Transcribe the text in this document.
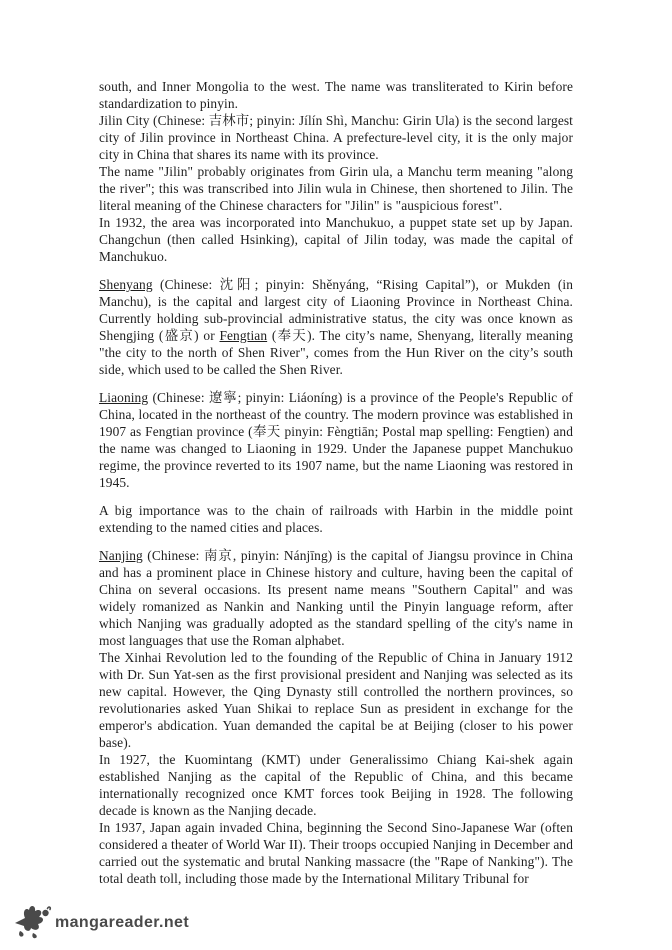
south, and Inner Mongolia to the west. The name was transliterated to Kirin before standardization to pinyin.

Jilin City (Chinese: 吉林市; pinyin: Jílín Shì, Manchu: Girin Ula) is the second largest city of Jilin province in Northeast China. A prefecture-level city, it is the only major city in China that shares its name with its province.

The name "Jilin" probably originates from Girin ula, a Manchu term meaning "along the river"; this was transcribed into Jilin wula in Chinese, then shortened to Jilin. The literal meaning of the Chinese characters for "Jilin" is "auspicious forest".

In 1932, the area was incorporated into Manchukuo, a puppet state set up by Japan. Changchun (then called Hsinking), capital of Jilin today, was made the capital of Manchukuo.

Shenyang (Chinese: 沈阳; pinyin: Shěnyáng, “Rising Capital”), or Mukden (in Manchu), is the capital and largest city of Liaoning Province in Northeast China. Currently holding sub-provincial administrative status, the city was once known as Shengjing (盛京) or Fengtian (奉天). The city’s name, Shenyang, literally meaning "the city to the north of Shen River", comes from the Hun River on the city’s south side, which used to be called the Shen River.

Liaoning (Chinese: 遼寧; pinyin: Liáoníng) is a province of the People's Republic of China, located in the northeast of the country. The modern province was established in 1907 as Fengtian province (奉天 pinyin: Fèngtiān; Postal map spelling: Fengtien) and the name was changed to Liaoning in 1929. Under the Japanese puppet Manchukuo regime, the province reverted to its 1907 name, but the name Liaoning was restored in 1945.

A big importance was to the chain of railroads with Harbin in the middle point extending to the named cities and places.

Nanjing (Chinese: 南京, pinyin: Nánjīng) is the capital of Jiangsu province in China and has a prominent place in Chinese history and culture, having been the capital of China on several occasions. Its present name means "Southern Capital" and was widely romanized as Nankin and Nanking until the Pinyin language reform, after which Nanjing was gradually adopted as the standard spelling of the city's name in most languages that use the Roman alphabet.

The Xinhai Revolution led to the founding of the Republic of China in January 1912 with Dr. Sun Yat-sen as the first provisional president and Nanjing was selected as its new capital. However, the Qing Dynasty still controlled the northern provinces, so revolutionaries asked Yuan Shikai to replace Sun as president in exchange for the emperor's abdication. Yuan demanded the capital be at Beijing (closer to his power base).

In 1927, the Kuomintang (KMT) under Generalissimo Chiang Kai-shek again established Nanjing as the capital of the Republic of China, and this became internationally recognized once KMT forces took Beijing in 1928. The following decade is known as the Nanjing decade.

In 1937, Japan again invaded China, beginning the Second Sino-Japanese War (often considered a theater of World War II). Their troops occupied Nanjing in December and carried out the systematic and brutal Nanking massacre (the "Rape of Nanking"). The total death toll, including those made by the International Military Tribunal for

mangareader.net
